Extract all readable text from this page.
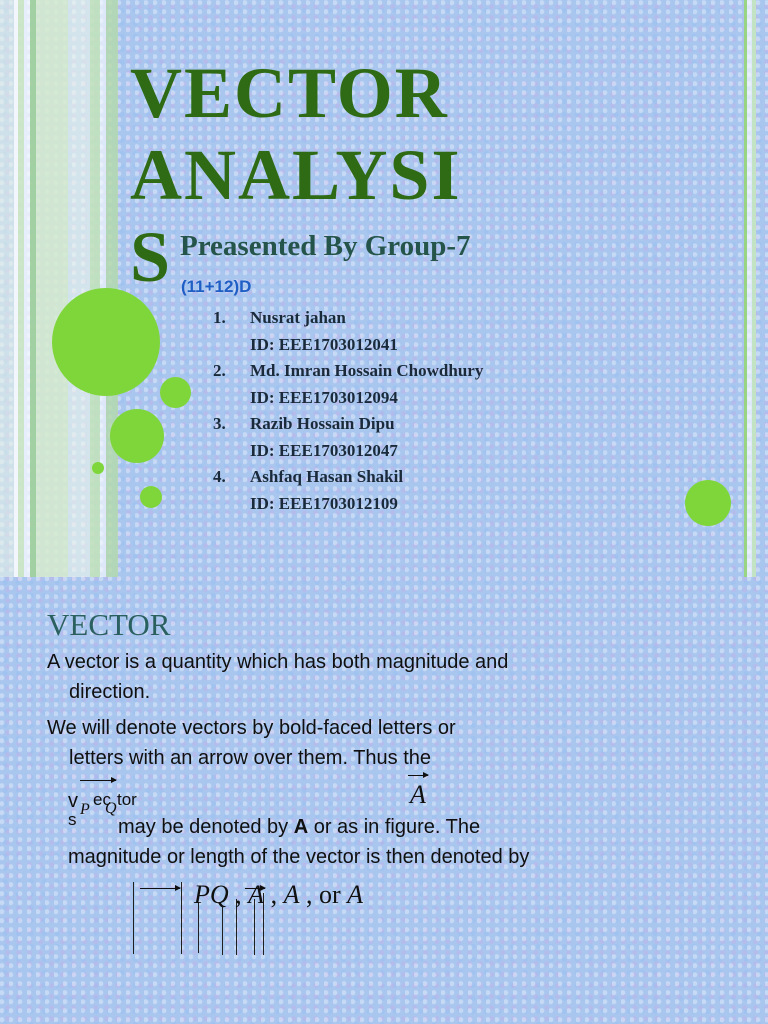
VECTOR
ANALYSI
S Preasented By Group-7
(11+12)D
1. Nusrat jahan
ID: EEE1703012041
2. Md. Imran Hossain Chowdhury
ID: EEE1703012094
3. Razib Hossain Dipu
ID: EEE1703012047
4. Ashfaq Hasan Shakil
ID: EEE1703012109
VECTOR

A vector is a quantity which has both magnitude and
direction.

We will denote vectors by bold-faced letters or
letters with an arrow over them. Thus the

v P
ec
Q tor
s
A
may be denoted by A or as in figure. The
magnitude or length of the vector is then denoted by
PQ , A , A , or A
